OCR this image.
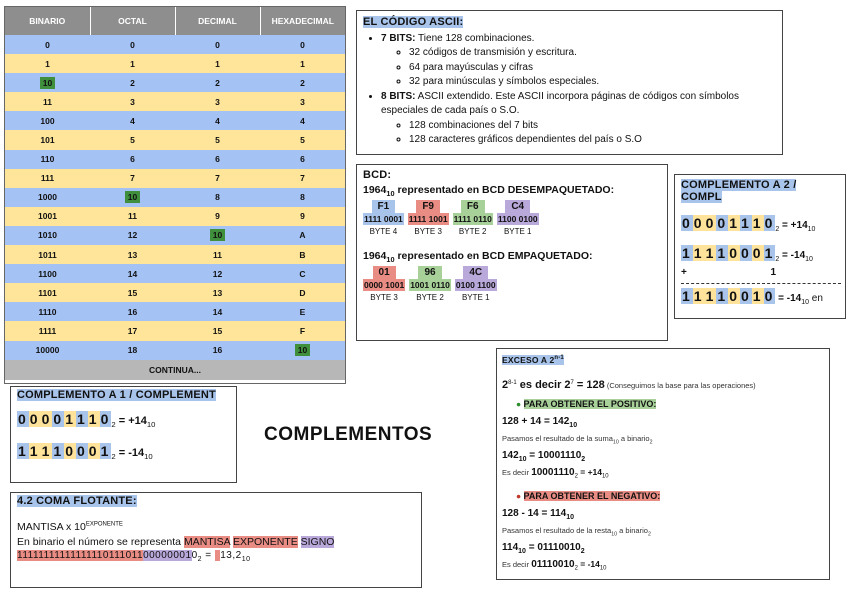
BINARIO	OCTAL	DECIMAL	HEXADECIMAL
0	0	0	0
1	1	1	1
10	2	2	2
11	3	3	3
100	4	4	4
101	5	5	5
110	6	6	6
111	7	7	7
1000	10	8	8
1001	11	9	9
1010	12	10	A
1011	13	11	B
1100	14	12	C
1101	15	13	D
1110	16	14	E
1111	17	15	F
10000	18	16	10
CONTINUA...			
EL CÓDIGO ASCII:
• 7 BITS: Tiene 128 combinaciones.
◦ 32 códigos de transmisión y escritura.
◦ 64 para mayúsculas y cifras
◦ 32 para minúsculas y símbolos especiales.
• 8 BITS: ASCII extendido. Este ASCII incorpora páginas de códigos con símbolos especiales de cada país o S.O.
◦ 128 combinaciones del 7 bits
◦ 128 caracteres gráficos dependientes del país o S.O
BCD:
$1964_{10}$ representado en BCD DESEMPAQUETADO:
F1
1111 0001
BYTE 4
F9
1111 1001
BYTE 3
F6
1111 0110
BYTE 2
C4
1100 0100
BYTE 1
$1964_{10}$ representado en BCD EMPAQUETADO:
01
0000 1001
BYTE 3
96
1001 0110
BYTE 2
4C
0100 1100
BYTE 1
COMPLEMENTO A 2 / COMPL
0 0 0 0 1 1 1 $0_2 = +14_{10}$
1 1 1 1 0 0 0 $1_2 = -14_{10}$
+	1
1 1 1 1 0 0 1 $0 = -14_{10}$ en
COMPLEMENTO A 1 / COMPLEMENT
0 0 0 0 1 1 1 $0_2 = +14_{10}$
1 1 1 1 0 0 0 $1_2 = -14_{10}$
COMPLEMENTOS
4.2 COMA FLOTANTE:
MANTISA x $10^{EXPONENTE}$
En binario el número se representa MANTISA EXPONENTE SIGNO
$11111111111111110111011000000010_2 = 13,2_{10}$
EXCESO A 2$^{n-1}$
2$^{8-1}$ es decir $2^7 = 128$ (Conseguimos la base para las operaciones)
● PARA OBTENER EL POSITIVO:
$128 + 14 = 142_{10}$
Pasamos el resultado de la suma$_{10}$ a binario$_2$
$142_{10} = 10001110_2$
Es decir $10001110_2 = +14_{10}$
● PARA OBTENER EL NEGATIVO:
$128 - 14 = 114_{10}$
Pasamos el resultado de la resta$_{10}$ a binario$_2$
$114_{10} = 01110010_2$
Es decir $01110010_2 = -14_{10}$
